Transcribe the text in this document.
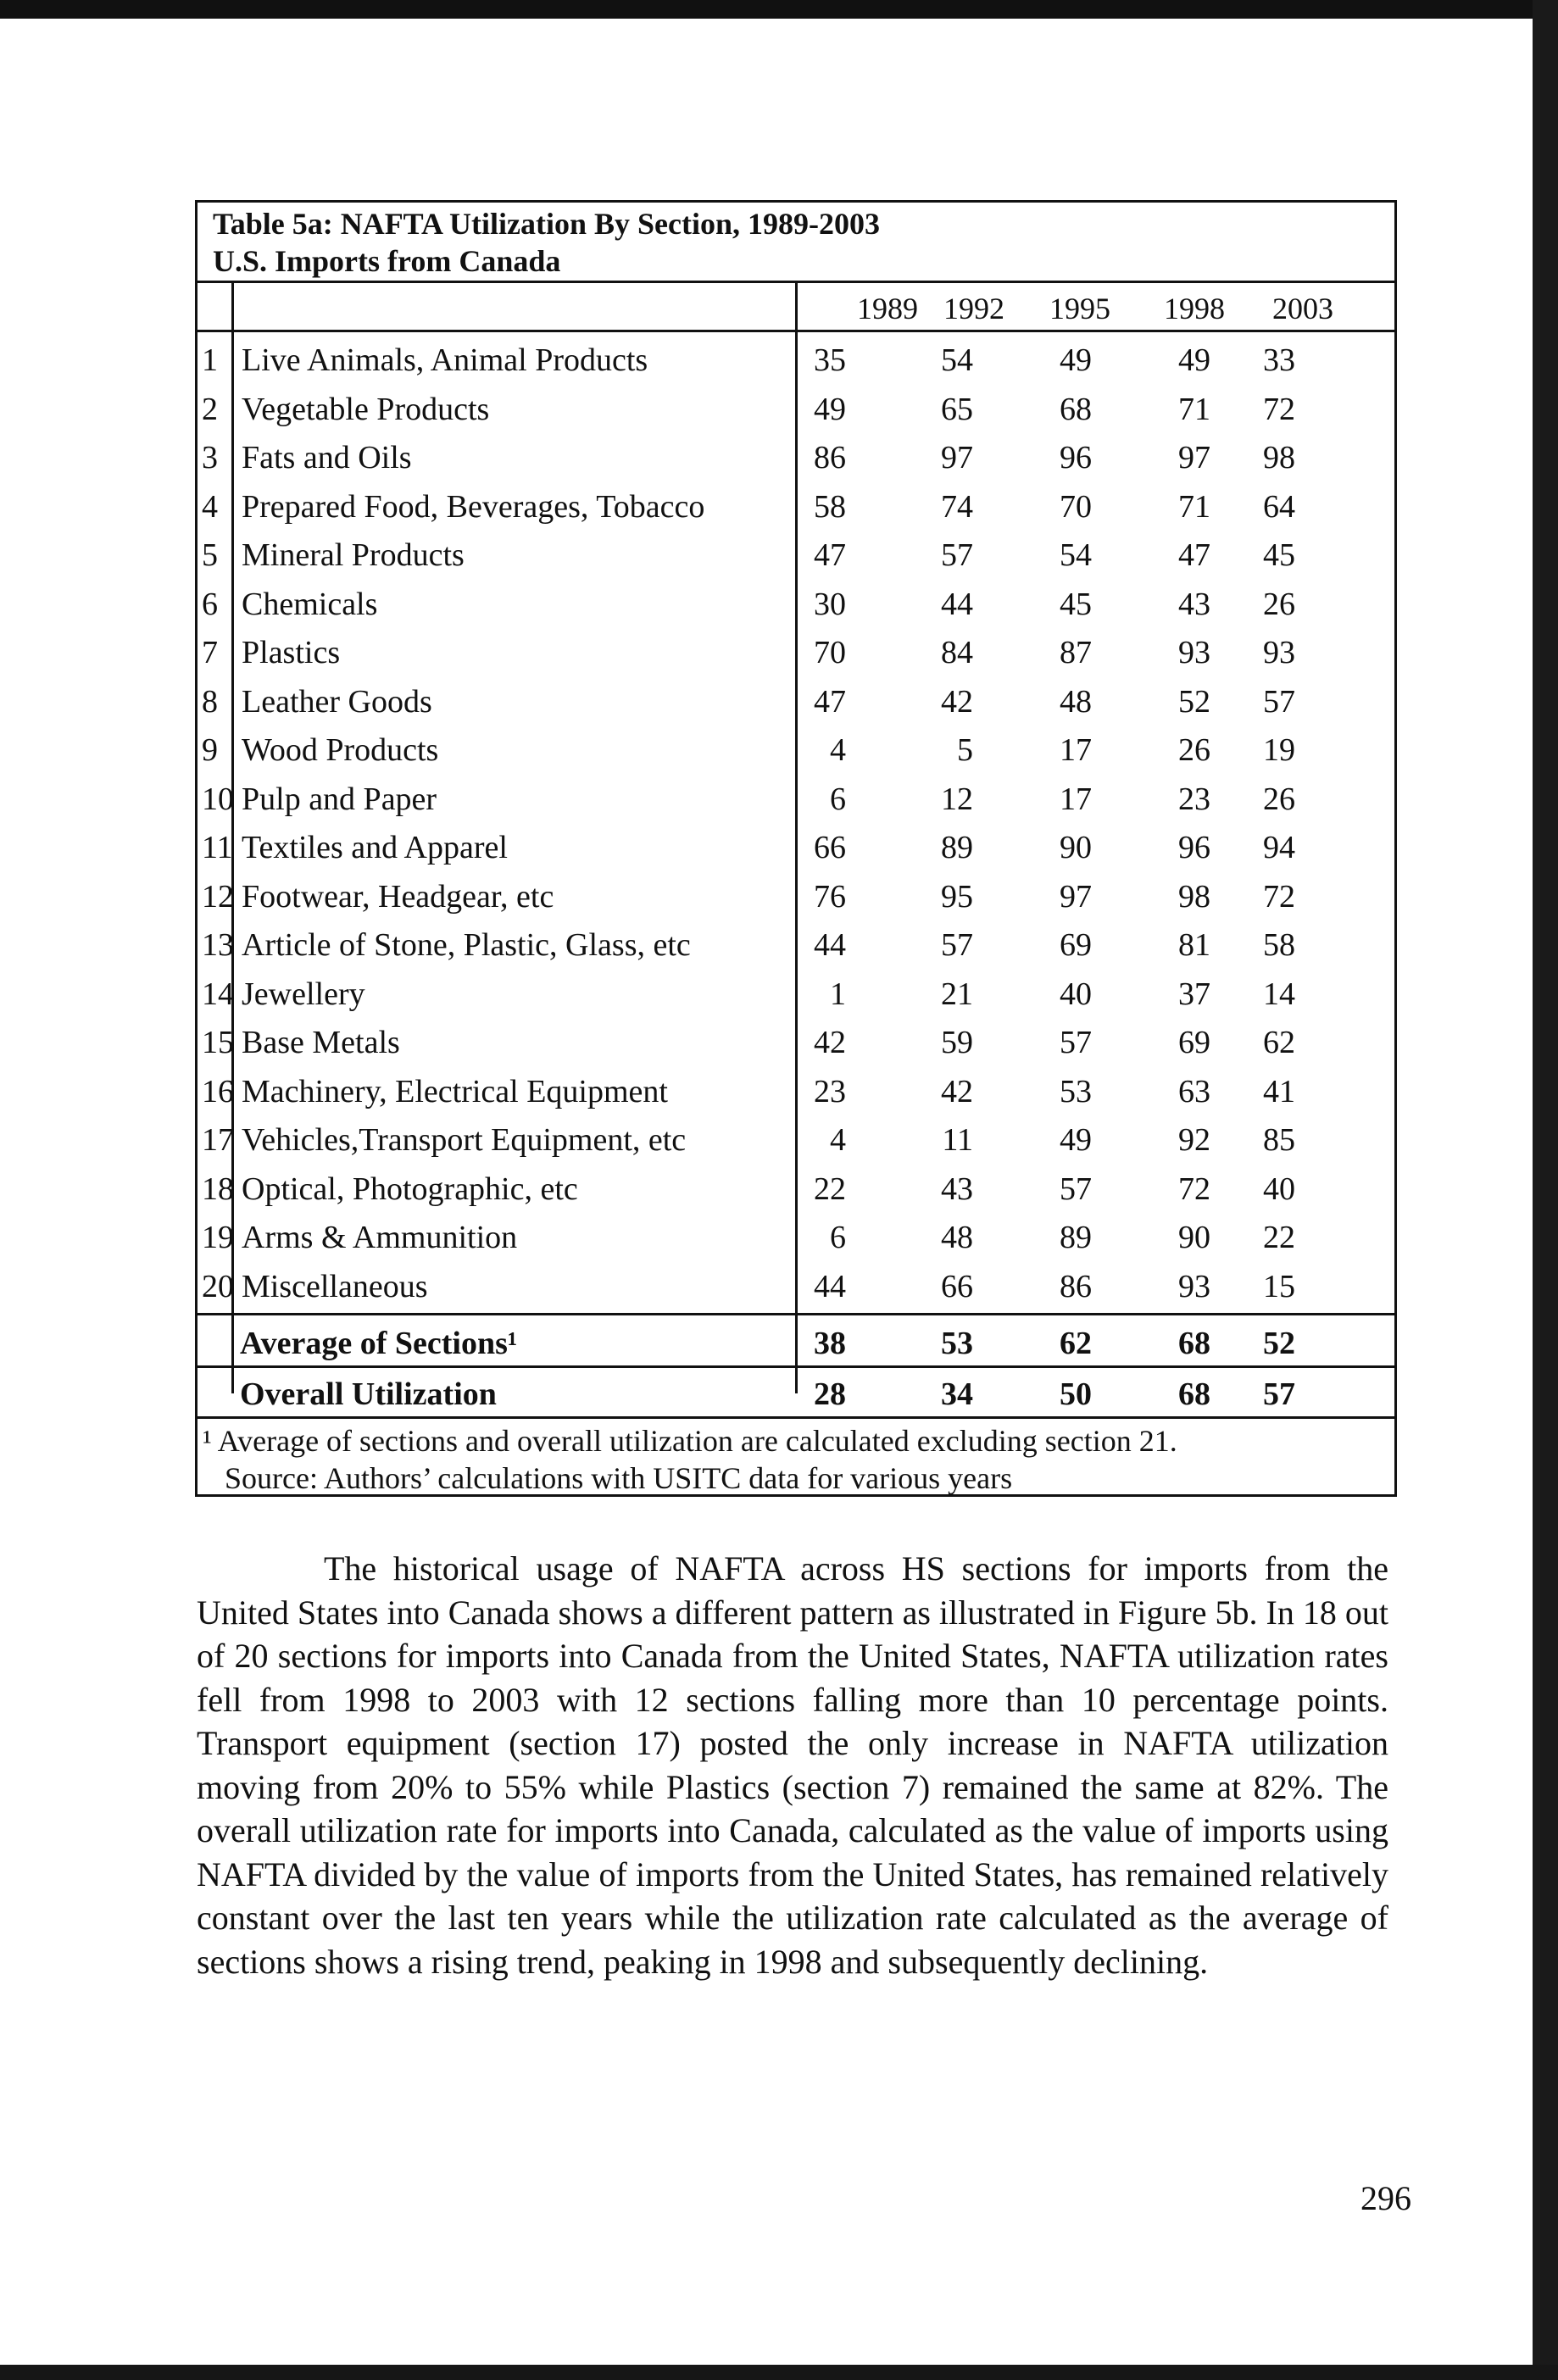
Table 5a: NAFTA Utilization By Section, 1989-2003
U.S. Imports from Canada
1989 1992 1995 1998 2003
1 Live Animals, Animal Products	35	54	49	49	33
2 Vegetable Products	49	65	68	71	72
3 Fats and Oils	86	97	96	97	98
4 Prepared Food, Beverages, Tobacco	58	74	70	71	64
5 Mineral Products	47	57	54	47	45
6 Chemicals	30	44	45	43	26
7 Plastics	70	84	87	93	93
8 Leather Goods	47	42	48	52	57
9 Wood Products	4	5	17	26	19
10 Pulp and Paper	6	12	17	23	26
11 Textiles and Apparel	66	89	90	96	94
12 Footwear, Headgear, etc	76	95	97	98	72
13 Article of Stone, Plastic, Glass, etc	44	57	69	81	58
14 Jewellery	1	21	40	37	14
15 Base Metals	42	59	57	69	62
16 Machinery, Electrical Equipment	23	42	53	63	41
17 Vehicles,Transport Equipment, etc	4	11	49	92	85
18 Optical, Photographic, etc	22	43	57	72	40
19 Arms & Ammunition	6	48	89	90	22
20 Miscellaneous	44	66	86	93	15
Average of Sections¹	38	53	62	68	52
Overall Utilization	28	34	50	68	57
¹ Average of sections and overall utilization are calculated excluding section 21.
Source: Authors’ calculations with USITC data for various years

The historical usage of NAFTA across HS sections for imports from the United States into Canada shows a different pattern as illustrated in Figure 5b. In 18 out of 20 sections for imports into Canada from the United States, NAFTA utilization rates fell from 1998 to 2003 with 12 sections falling more than 10 percentage points. Transport equipment (section 17) posted the only increase in NAFTA utilization moving from 20% to 55% while Plastics (section 7) remained the same at 82%. The overall utilization rate for imports into Canada, calculated as the value of imports using NAFTA divided by the value of imports from the United States, has remained relatively constant over the last ten years while the utilization rate calculated as the average of sections shows a rising trend, peaking in 1998 and subsequently declining.

296
